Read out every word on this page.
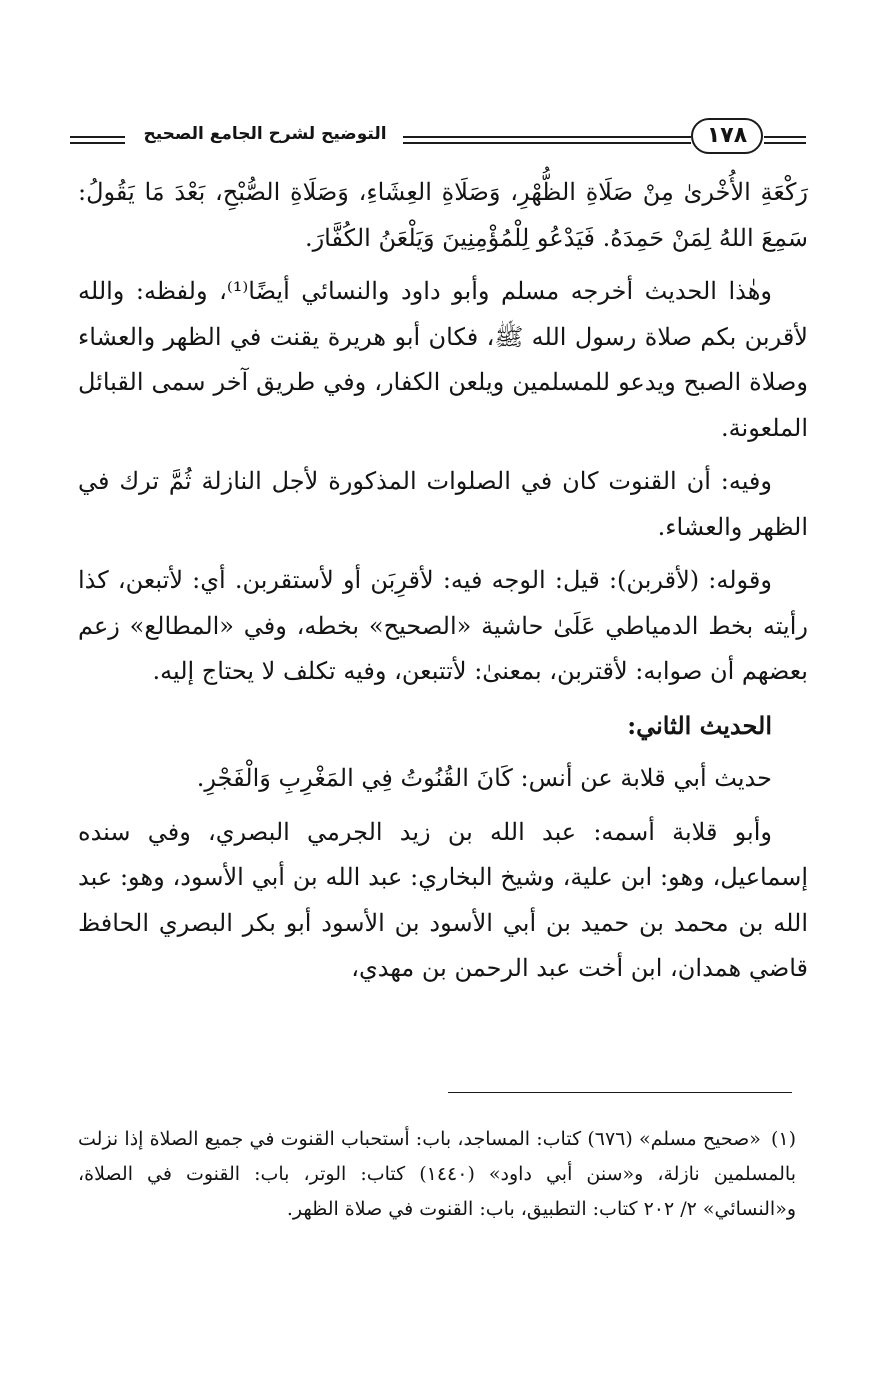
التوضيح لشرح الجامع الصحيح	١٧٨

رَكْعَةِ الأُخْرىٰ مِنْ صَلَاةِ الظُّهْرِ، وَصَلَاةِ العِشَاءِ، وَصَلَاةِ الصُّبْحِ، بَعْدَ مَا يَقُولُ: سَمِعَ اللهُ لِمَنْ حَمِدَهُ. فَيَدْعُو لِلْمُؤْمِنِينَ وَيَلْعَنُ الكُفَّارَ.

وهٰذا الحديث أخرجه مسلم وأبو داود والنسائي أيضًا⁽¹⁾، ولفظه: والله لأقربن بكم صلاة رسول الله ﷺ، فكان أبو هريرة يقنت في الظهر والعشاء وصلاة الصبح ويدعو للمسلمين ويلعن الكفار، وفي طريق آخر سمى القبائل الملعونة.

وفيه: أن القنوت كان في الصلوات المذكورة لأجل النازلة ثُمَّ ترك في الظهر والعشاء.

وقوله: (لأقربن): قيل: الوجه فيه: لأقرِبَن أو لأستقربن. أي: لأتبعن، كذا رأيته بخط الدمياطي عَلَىٰ حاشية «الصحيح» بخطه، وفي «المطالع» زعم بعضهم أن صوابه: لأقتربن، بمعنىٰ: لأتتبعن، وفيه تكلف لا يحتاج إليه.

الحديث الثاني:

حديث أبي قلابة عن أنس: كَانَ القُنُوتُ فِي المَغْرِبِ وَالْفَجْرِ.

وأبو قلابة أسمه: عبد الله بن زيد الجرمي البصري، وفي سنده إسماعيل، وهو: ابن علية، وشيخ البخاري: عبد الله بن أبي الأسود، وهو: عبد الله بن محمد بن حميد بن أبي الأسود بن الأسود أبو بكر البصري الحافظ قاضي همدان، ابن أخت عبد الرحمن بن مهدي،

(١)«صحيح مسلم» (٦٧٦) كتاب: المساجد، باب: أستحباب القنوت في جميع الصلاة إذا نزلت بالمسلمين نازلة، و«سنن أبي داود» (١٤٤٠) كتاب: الوتر، باب: القنوت في الصلاة، و«النسائي» ٢/ ٢٠٢ كتاب: التطبيق، باب: القنوت في صلاة الظهر.
